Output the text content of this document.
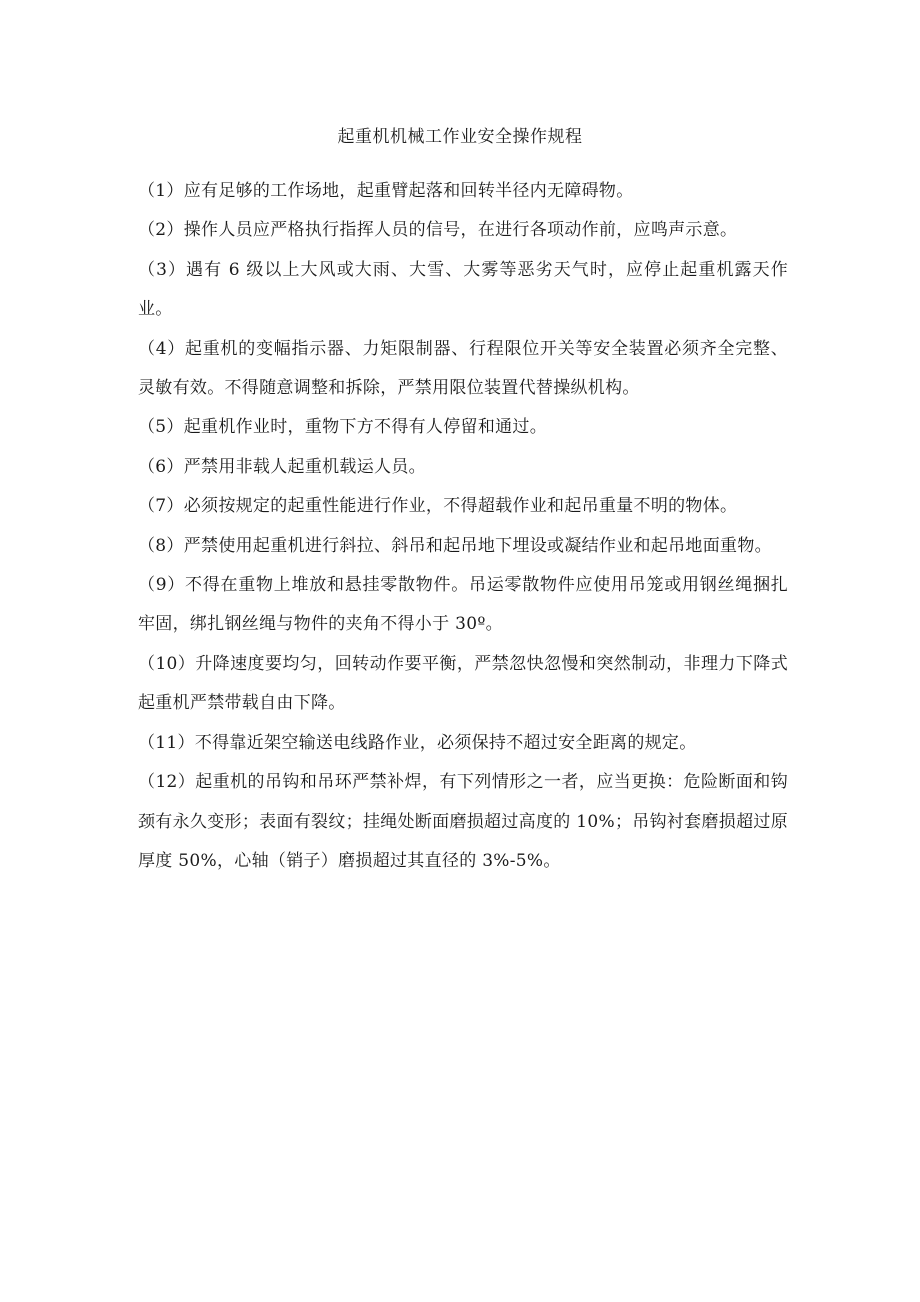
起重机机械工作业安全操作规程

（1）应有足够的工作场地，起重臂起落和回转半径内无障碍物。

（2）操作人员应严格执行指挥人员的信号，在进行各项动作前，应鸣声示意。

（3）遇有 6 级以上大风或大雨、大雪、大雾等恶劣天气时，应停止起重机露天作业。

（4）起重机的变幅指示器、力矩限制器、行程限位开关等安全装置必须齐全完整、灵敏有效。不得随意调整和拆除，严禁用限位装置代替操纵机构。

（5）起重机作业时，重物下方不得有人停留和通过。

（6）严禁用非载人起重机载运人员。

（7）必须按规定的起重性能进行作业，不得超载作业和起吊重量不明的物体。

（8）严禁使用起重机进行斜拉、斜吊和起吊地下埋设或凝结作业和起吊地面重物。

（9）不得在重物上堆放和悬挂零散物件。吊运零散物件应使用吊笼或用钢丝绳捆扎牢固，绑扎钢丝绳与物件的夹角不得小于 30º。

（10）升降速度要均匀，回转动作要平衡，严禁忽快忽慢和突然制动，非理力下降式起重机严禁带载自由下降。

（11）不得靠近架空输送电线路作业，必须保持不超过安全距离的规定。

（12）起重机的吊钩和吊环严禁补焊，有下列情形之一者，应当更换：危险断面和钩颈有永久变形；表面有裂纹；挂绳处断面磨损超过高度的 10%；吊钩衬套磨损超过原厚度 50%，心轴（销子）磨损超过其直径的 3%-5%。
